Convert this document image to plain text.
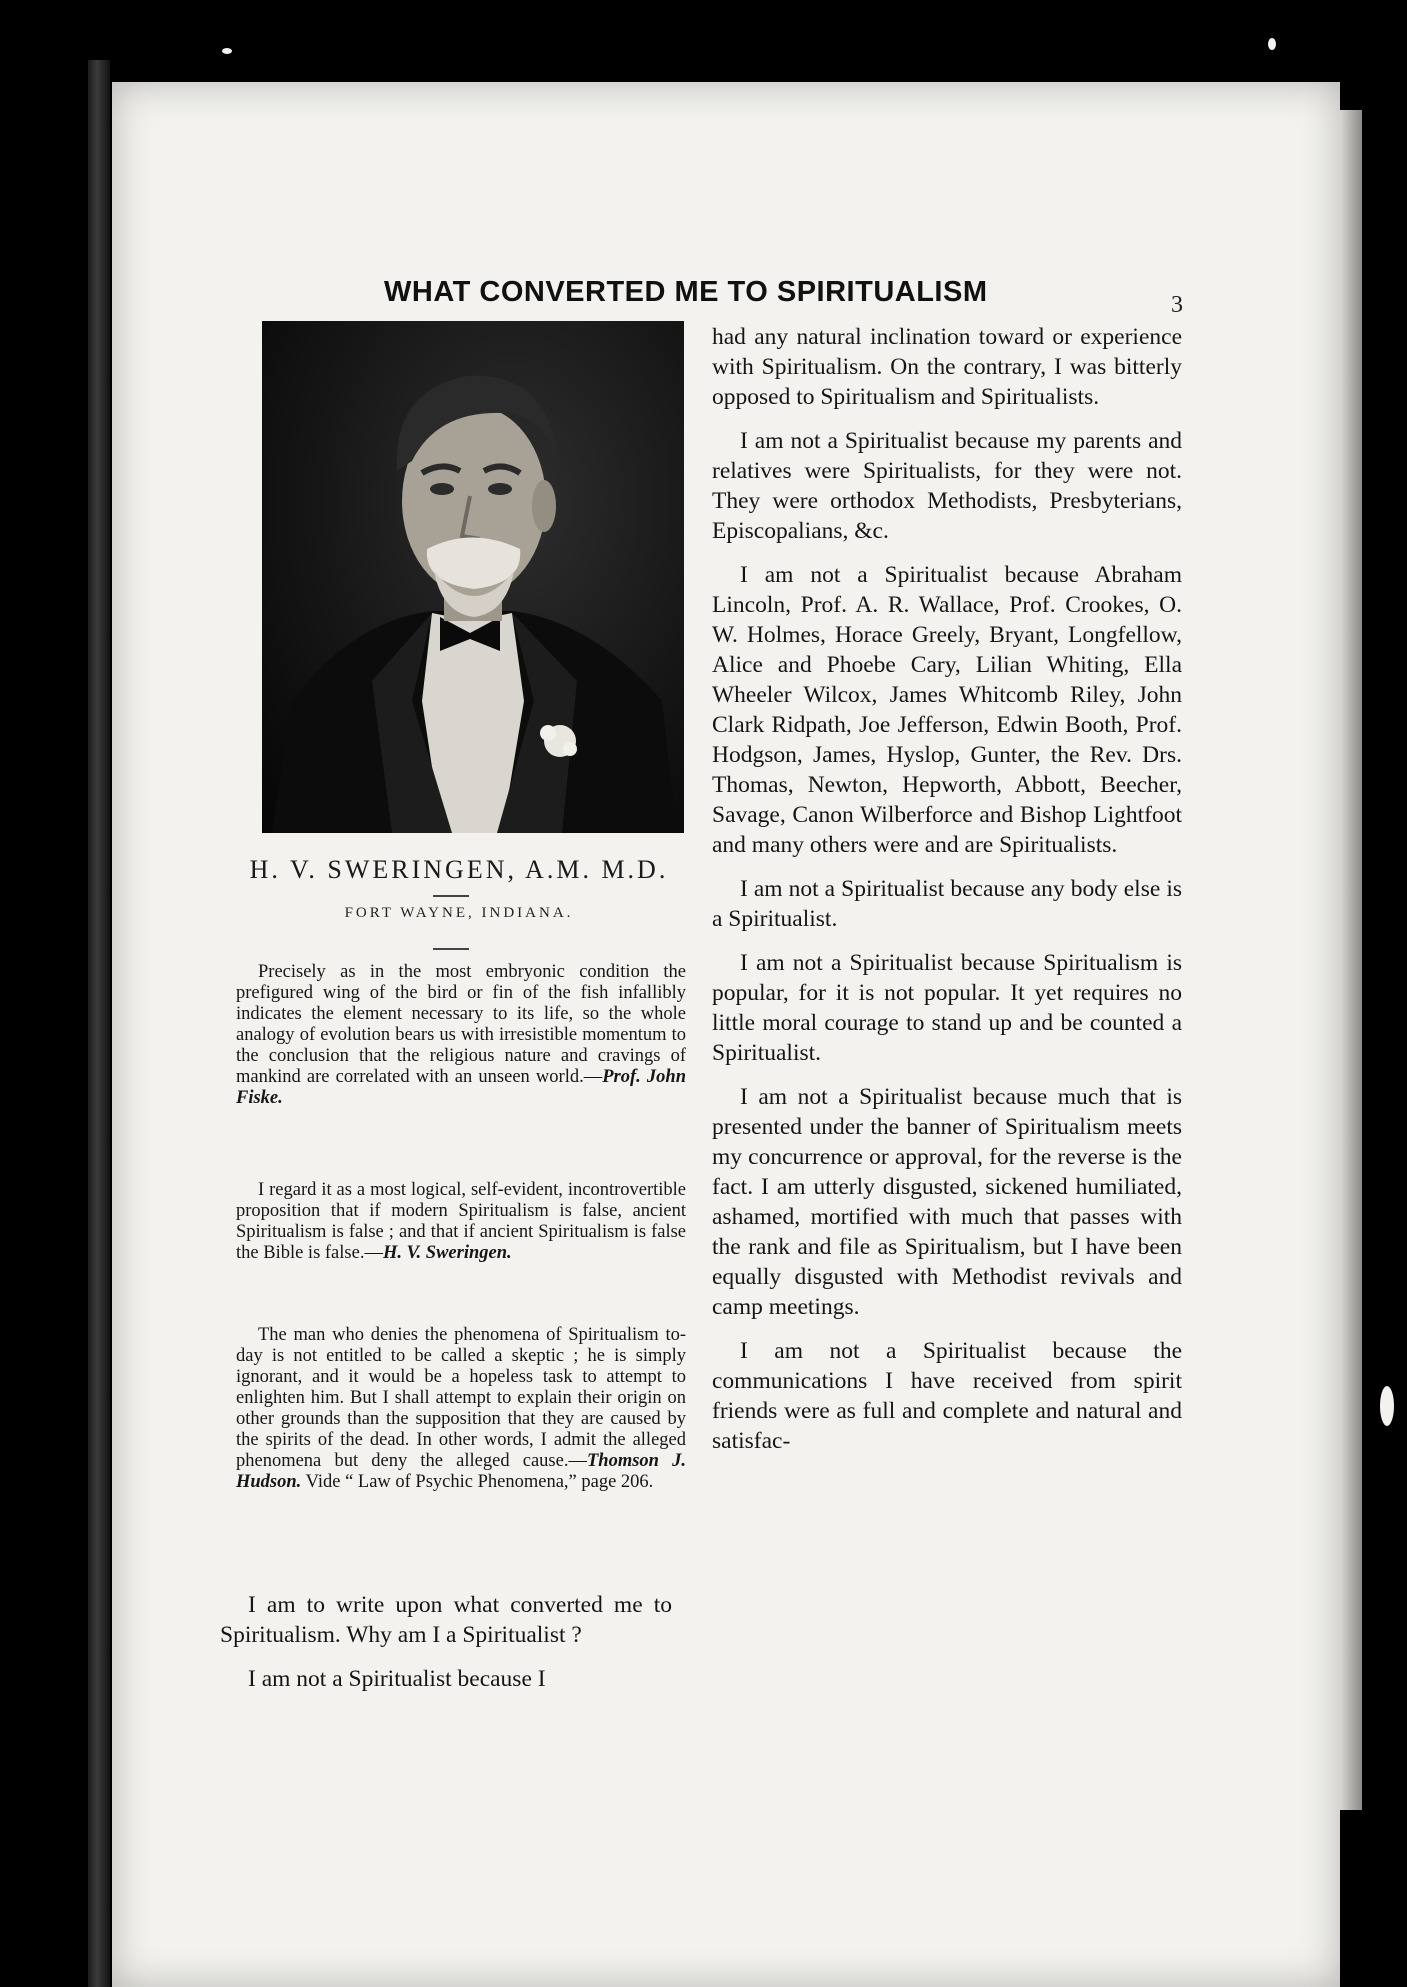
WHAT CONVERTED ME TO SPIRITUALISM	3
H. V. SWERINGEN, A.M. M.D.
FORT WAYNE, INDIANA.
Precisely as in the most embryonic condition the prefigured wing of the bird or fin of the fish infallibly indicates the element necessary to its life, so the whole analogy of evolution bears us with irresistible momentum to the conclusion that the religious nature and cravings of mankind are correlated with an unseen world.—Prof. John Fiske.
I regard it as a most logical, self-evident, incontrovertible proposition that if modern Spiritualism is false, ancient Spiritualism is false ; and that if ancient Spiritualism is false the Bible is false.—H. V. Sweringen.
The man who denies the phenomena of Spiritualism to-day is not entitled to be called a skeptic ; he is simply ignorant, and it would be a hopeless task to attempt to enlighten him. But I shall attempt to explain their origin on other grounds than the supposition that they are caused by the spirits of the dead. In other words, I admit the alleged phenomena but deny the alleged cause.—Thomson J. Hudson. Vide “ Law of Psychic Phenomena,” page 206.

I am to write upon what converted me to Spiritualism. Why am I a Spiritualist ?

I am not a Spiritualist because I

had any natural inclination toward or experience with Spiritualism. On the contrary, I was bitterly opposed to Spiritualism and Spiritualists.

I am not a Spiritualist because my parents and relatives were Spiritualists, for they were not. They were orthodox Methodists, Presbyterians, Episcopalians, &c.

I am not a Spiritualist because Abraham Lincoln, Prof. A. R. Wallace, Prof. Crookes, O. W. Holmes, Horace Greely, Bryant, Longfellow, Alice and Phoebe Cary, Lilian Whiting, Ella Wheeler Wilcox, James Whitcomb Riley, John Clark Ridpath, Joe Jefferson, Edwin Booth, Prof. Hodgson, James, Hyslop, Gunter, the Rev. Drs. Thomas, Newton, Hepworth, Abbott, Beecher, Savage, Canon Wilberforce and Bishop Lightfoot and many others were and are Spiritualists.

I am not a Spiritualist because any body else is a Spiritualist.

I am not a Spiritualist because Spiritualism is popular, for it is not popular. It yet requires no little moral courage to stand up and be counted a Spiritualist.

I am not a Spiritualist because much that is presented under the banner of Spiritualism meets my concurrence or approval, for the reverse is the fact. I am utterly disgusted, sickened humiliated, ashamed, mortified with much that passes with the rank and file as Spiritualism, but I have been equally disgusted with Methodist revivals and camp meetings.

I am not a Spiritualist because the communications I have received from spirit friends were as full and complete and natural and satisfac-
